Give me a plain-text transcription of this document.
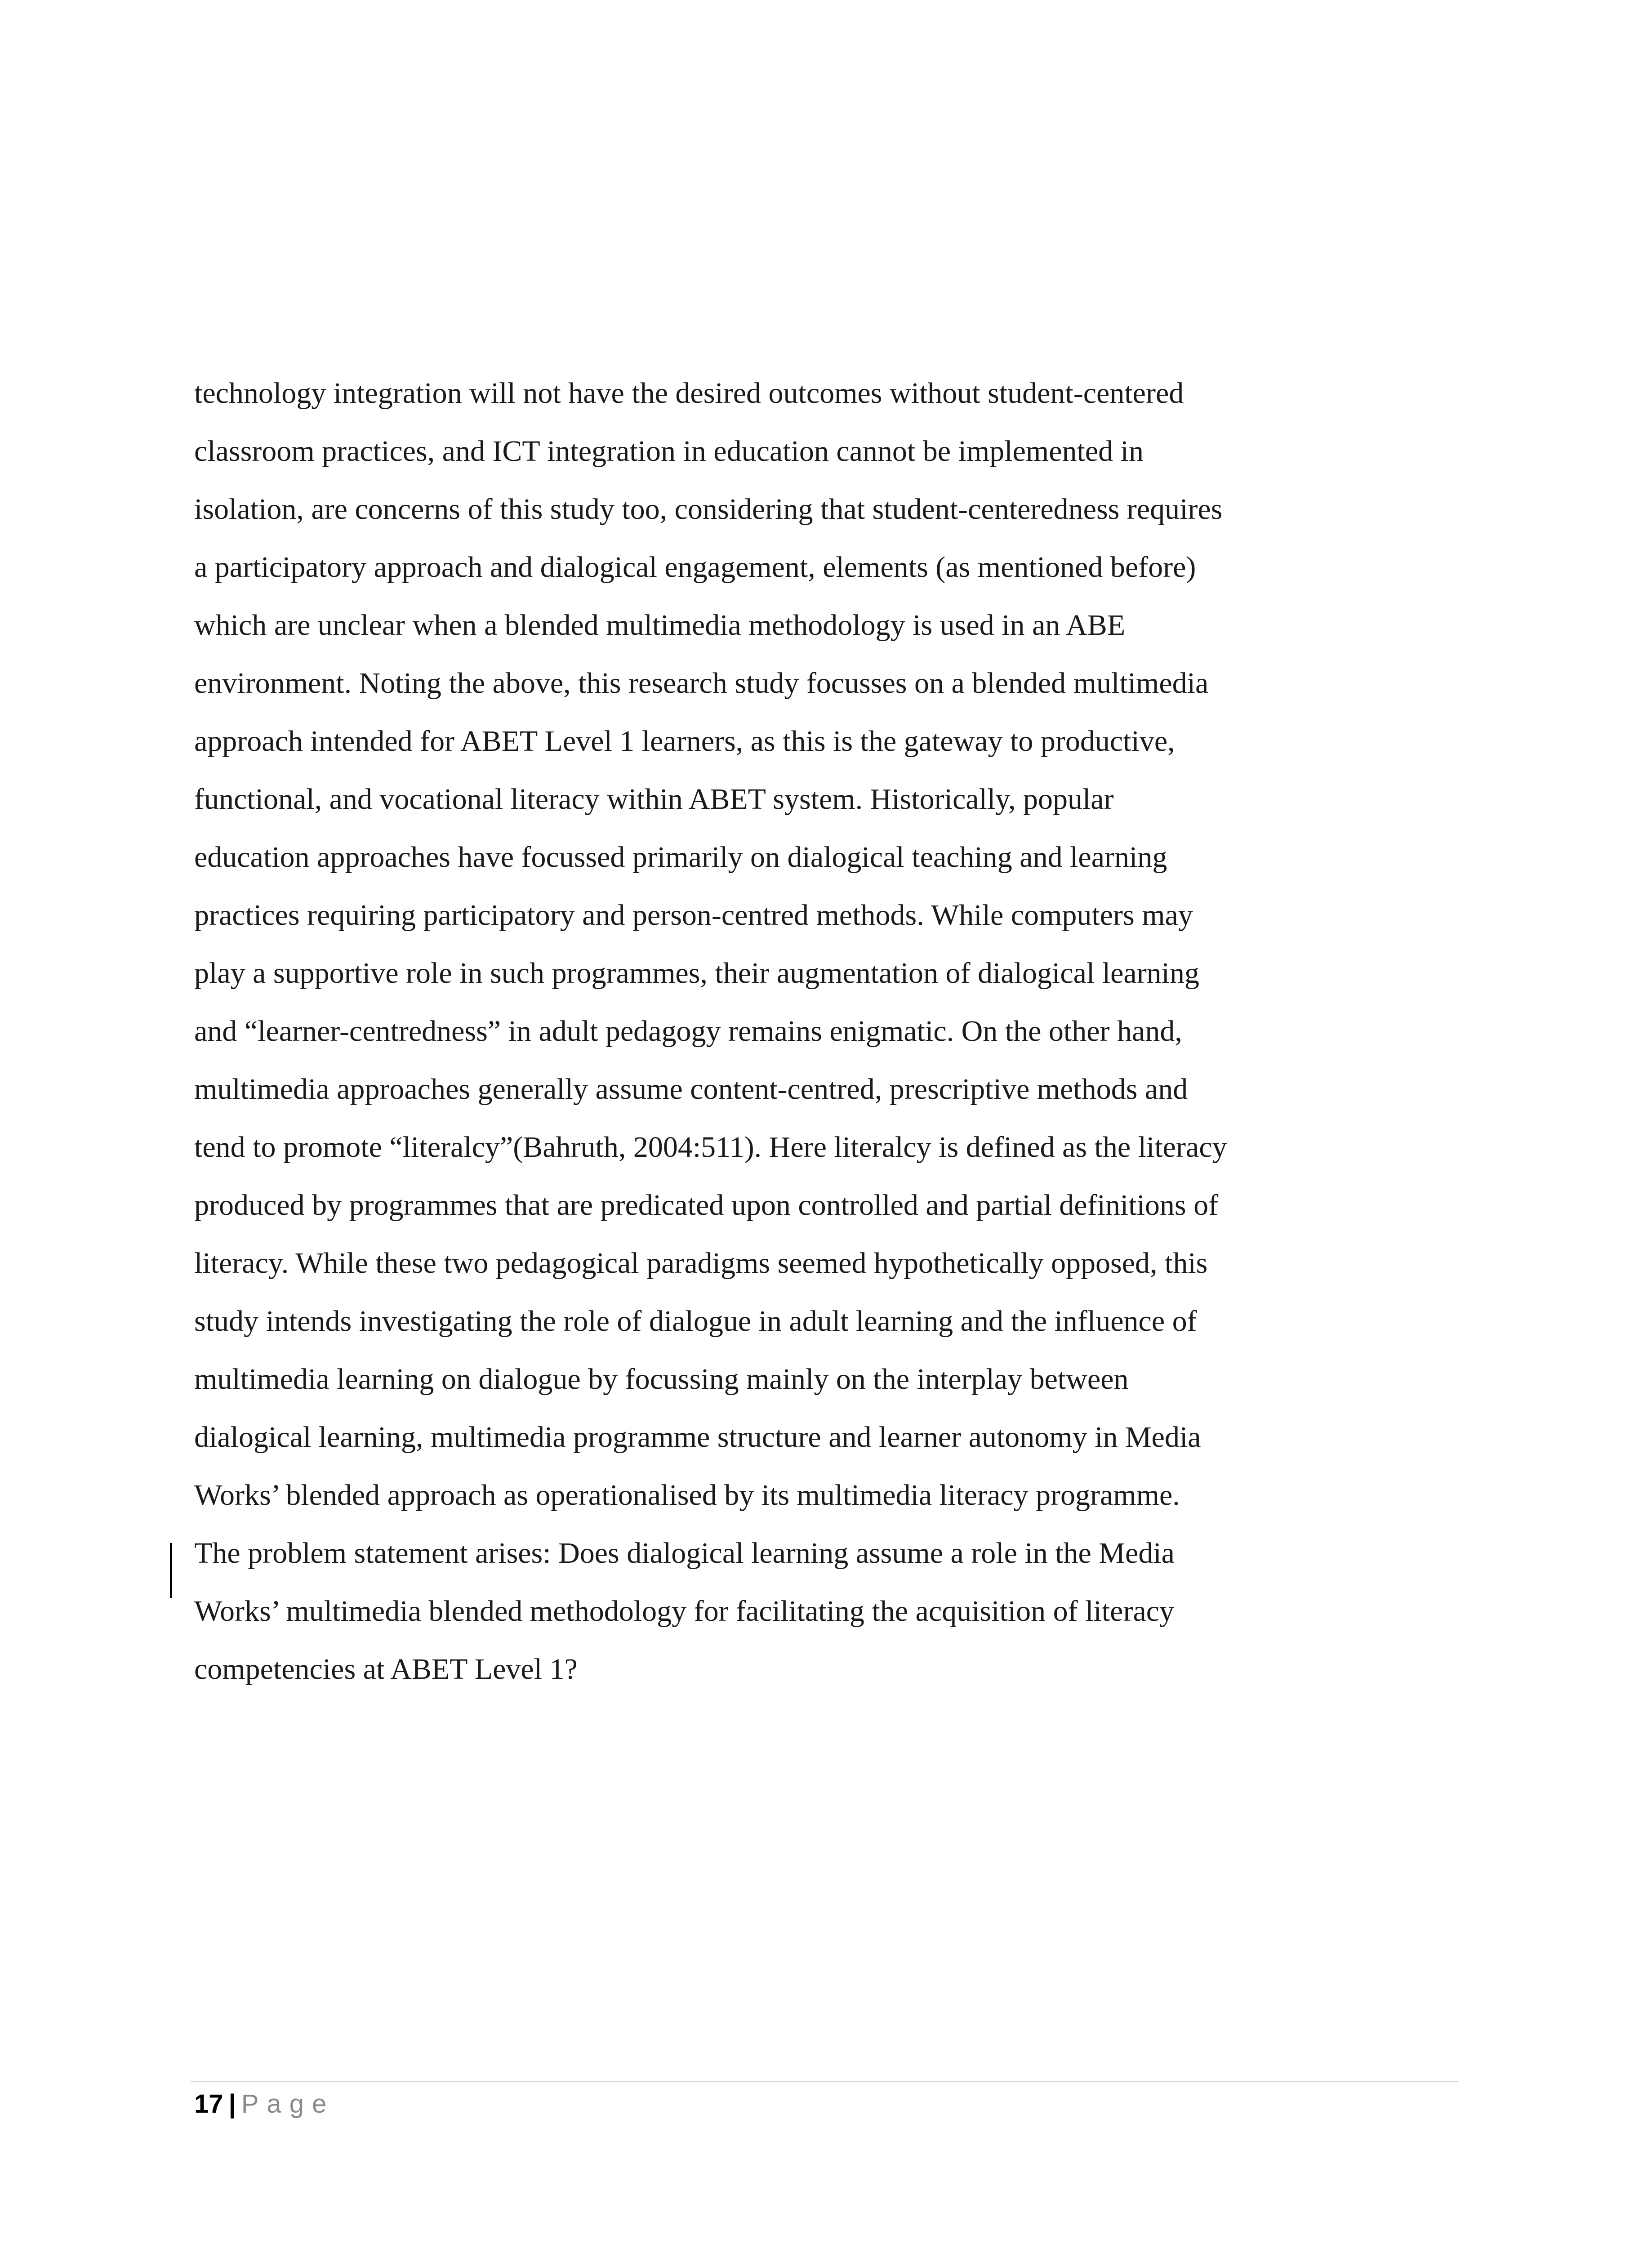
technology integration will not have the desired outcomes without student-centered
classroom practices, and ICT integration in education cannot be implemented in
isolation, are concerns of this study too, considering that student-centeredness requires
a participatory approach and dialogical engagement, elements (as mentioned before)
which are unclear when a blended multimedia methodology is used in an ABE
environment. Noting the above, this research study focusses on a blended multimedia
approach intended for ABET Level 1 learners, as this is the gateway to productive,
functional, and vocational literacy within ABET system. Historically, popular
education approaches have focussed primarily on dialogical teaching and learning
practices requiring participatory and person-centred methods. While computers may
play a supportive role in such programmes, their augmentation of dialogical learning
and “learner-centredness” in adult pedagogy remains enigmatic. On the other hand,
multimedia approaches generally assume content-centred, prescriptive methods and
tend to promote “literalcy”(Bahruth, 2004:511). Here literalcy is defined as the literacy
produced by programmes that are predicated upon controlled and partial definitions of
literacy. While these two pedagogical paradigms seemed hypothetically opposed, this
study intends investigating the role of dialogue in adult learning and the influence of
multimedia learning on dialogue by focussing mainly on the interplay between
dialogical learning, multimedia programme structure and learner autonomy in Media
Works’ blended approach as operationalised by its multimedia literacy programme.
The problem statement arises: Does dialogical learning assume a role in the Media
Works’ multimedia blended methodology for facilitating the acquisition of literacy
competencies at ABET Level 1?
17 | Page
